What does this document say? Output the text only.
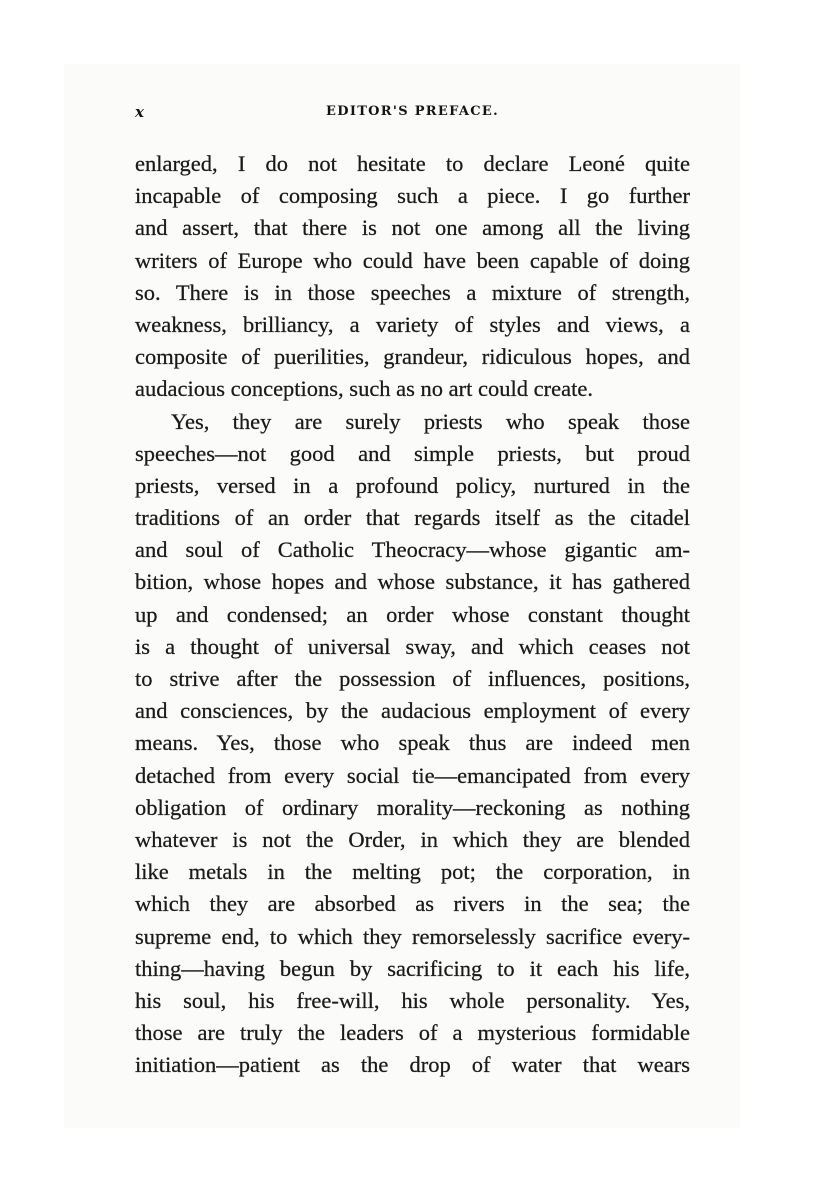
x	EDITOR'S PREFACE.
enlarged, I do not hesitate to declare Leoné quite
incapable of composing such a piece. I go further
and assert, that there is not one among all the living
writers of Europe who could have been capable of doing
so. There is in those speeches a mixture of strength,
weakness, brilliancy, a variety of styles and views, a
composite of puerilities, grandeur, ridiculous hopes, and
audacious conceptions, such as no art could create.
Yes, they are surely priests who speak those
speeches—not good and simple priests, but proud
priests, versed in a profound policy, nurtured in the
traditions of an order that regards itself as the citadel
and soul of Catholic Theocracy—whose gigantic am-
bition, whose hopes and whose substance, it has gathered
up and condensed; an order whose constant thought
is a thought of universal sway, and which ceases not
to strive after the possession of influences, positions,
and consciences, by the audacious employment of every
means. Yes, those who speak thus are indeed men
detached from every social tie—emancipated from every
obligation of ordinary morality—reckoning as nothing
whatever is not the Order, in which they are blended
like metals in the melting pot; the corporation, in
which they are absorbed as rivers in the sea; the
supreme end, to which they remorselessly sacrifice every-
thing—having begun by sacrificing to it each his life,
his soul, his free-will, his whole personality. Yes,
those are truly the leaders of a mysterious formidable
initiation—patient as the drop of water that wears
